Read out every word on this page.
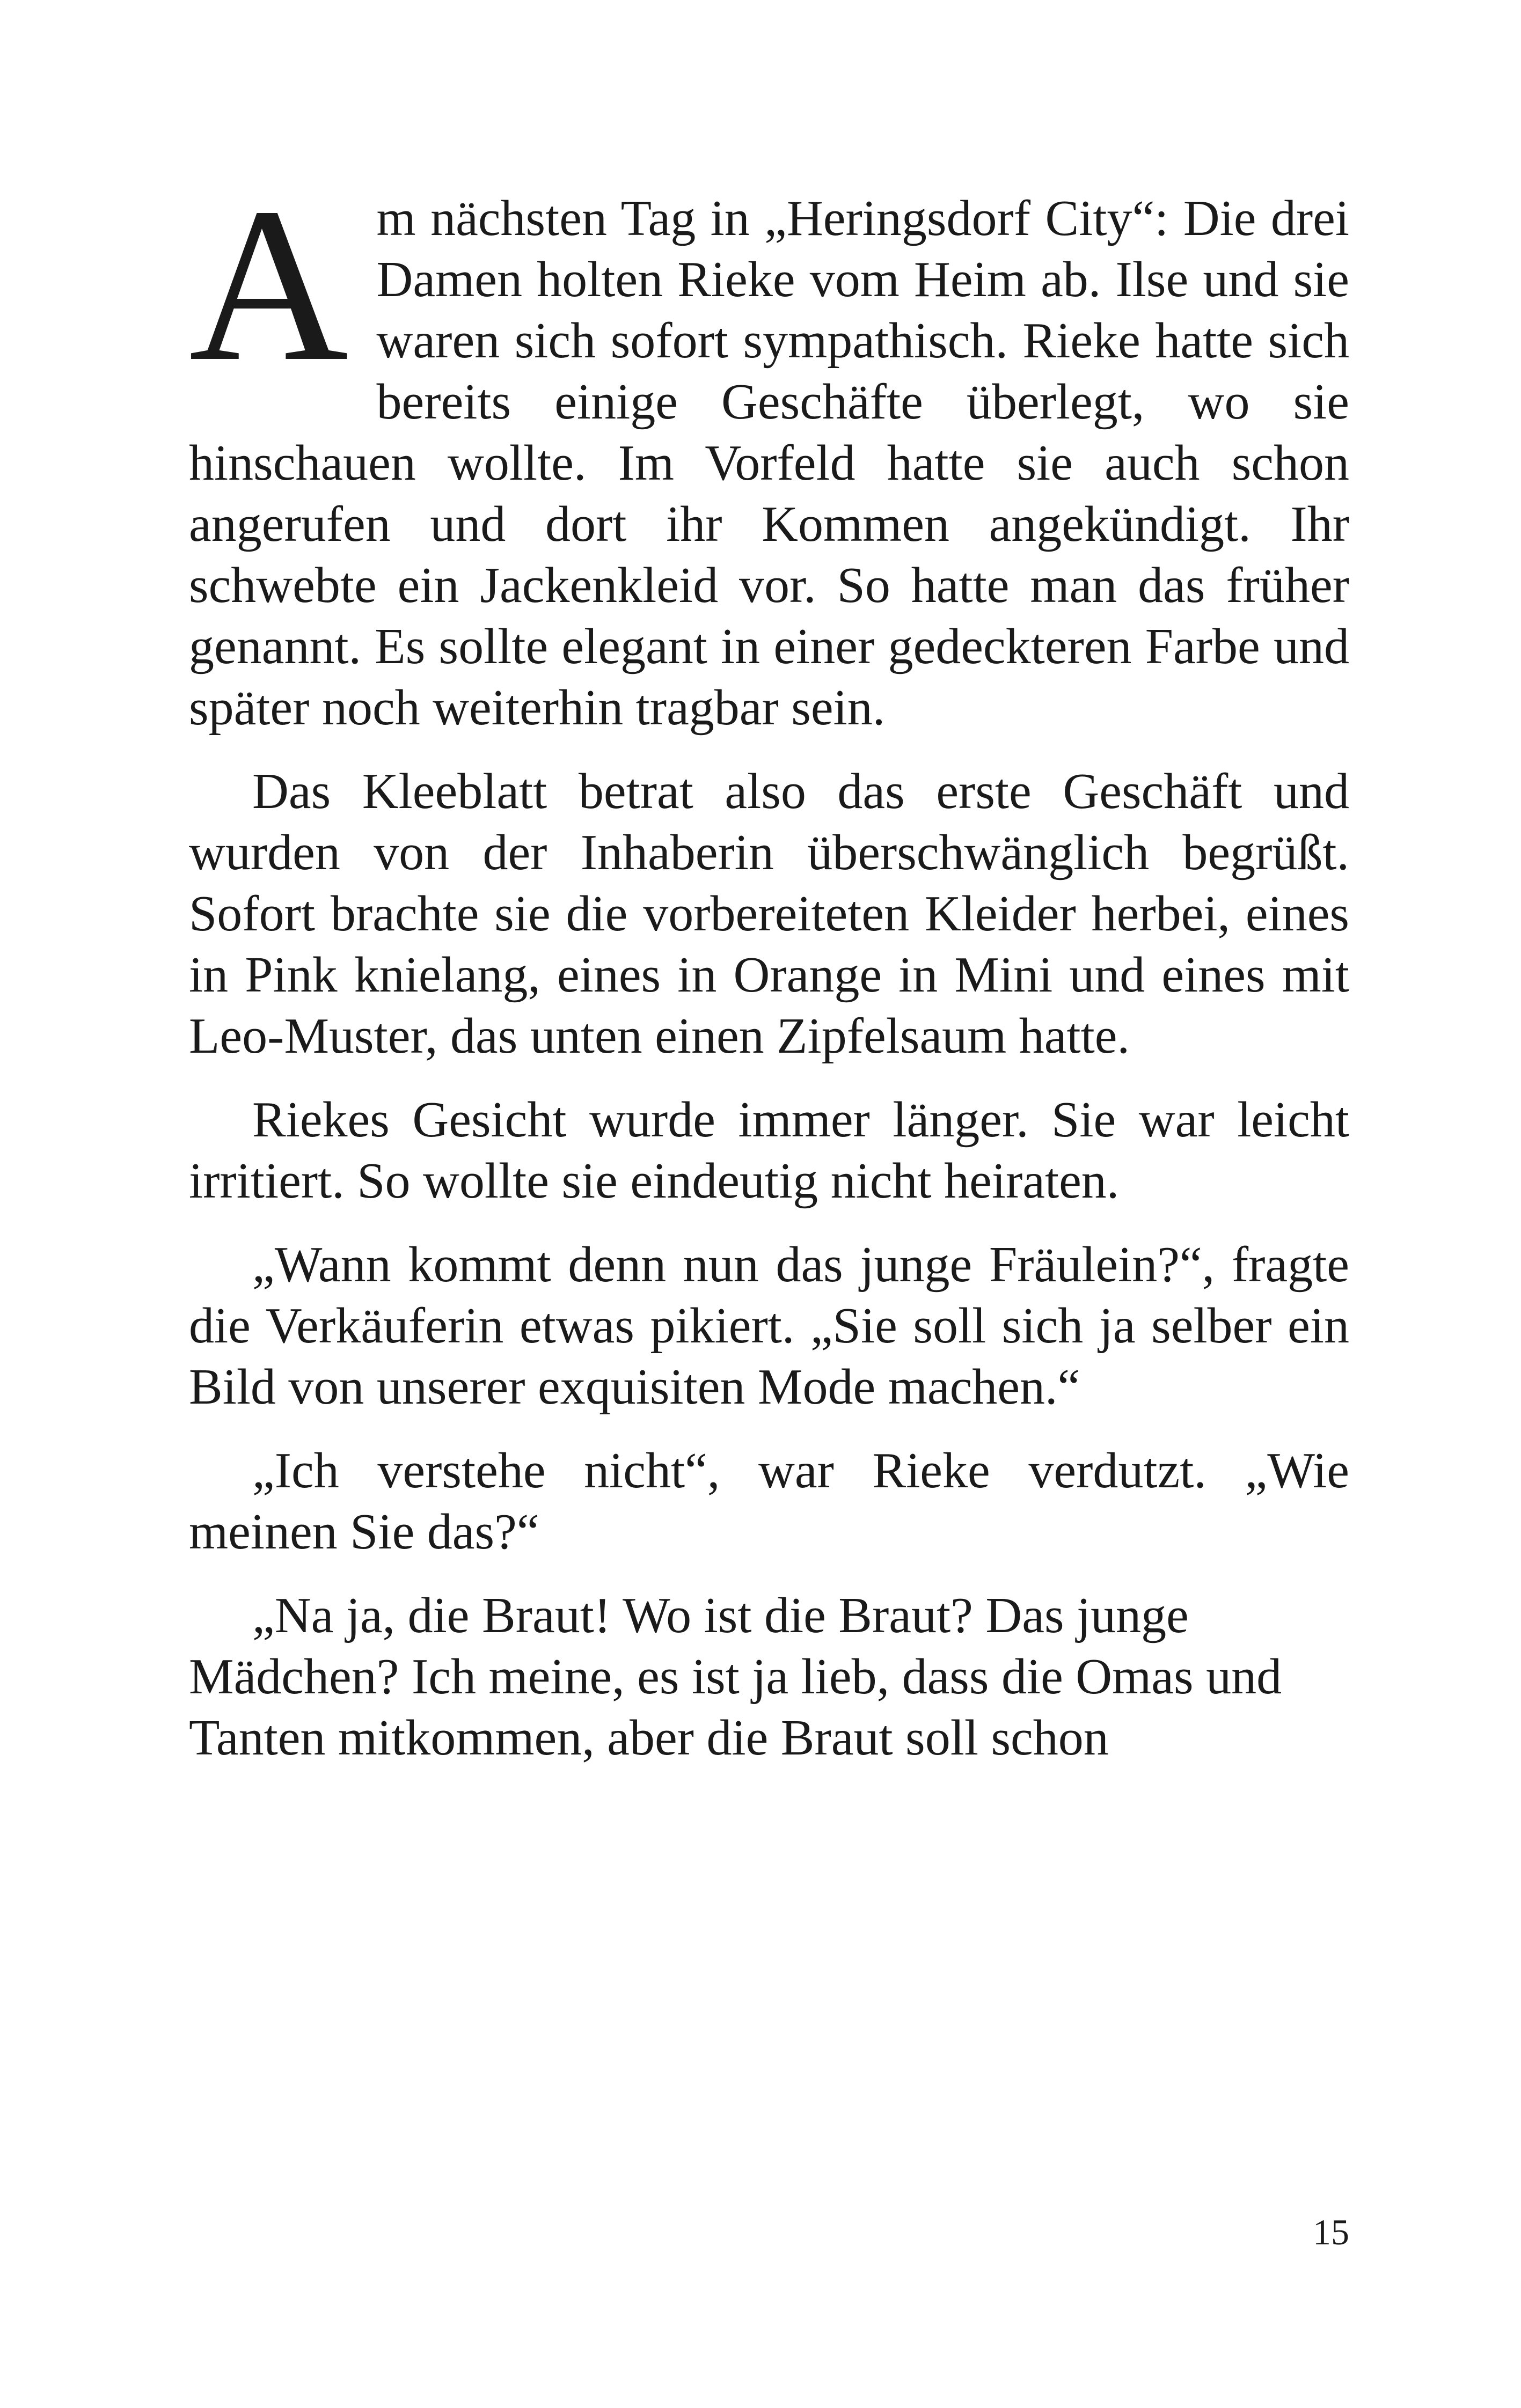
Am nächsten Tag in „Heringsdorf City“: Die drei Damen holten Rieke vom Heim ab. Ilse und sie waren sich sofort sympathisch. Rieke hatte sich bereits einige Geschäfte überlegt, wo sie hinschauen wollte. Im Vorfeld hatte sie auch schon angerufen und dort ihr Kommen angekündigt. Ihr schwebte ein Jackenkleid vor. So hatte man das früher genannt. Es sollte elegant in einer gedeckteren Farbe und später noch weiterhin tragbar sein.

Das Kleeblatt betrat also das erste Geschäft und wurden von der Inhaberin überschwänglich begrüßt. Sofort brachte sie die vorbereiteten Kleider herbei, eines in Pink knielang, eines in Orange in Mini und eines mit Leo-Muster, das unten einen Zipfelsaum hatte.

Riekes Gesicht wurde immer länger. Sie war leicht irritiert. So wollte sie eindeutig nicht heiraten.

„Wann kommt denn nun das junge Fräulein?“, fragte die Verkäuferin etwas pikiert. „Sie soll sich ja selber ein Bild von unserer exquisiten Mode machen.“

„Ich verstehe nicht“, war Rieke verdutzt. „Wie meinen Sie das?“

„Na ja, die Braut! Wo ist die Braut? Das junge Mädchen? Ich meine, es ist ja lieb, dass die Omas und Tanten mitkommen, aber die Braut soll schon

15
